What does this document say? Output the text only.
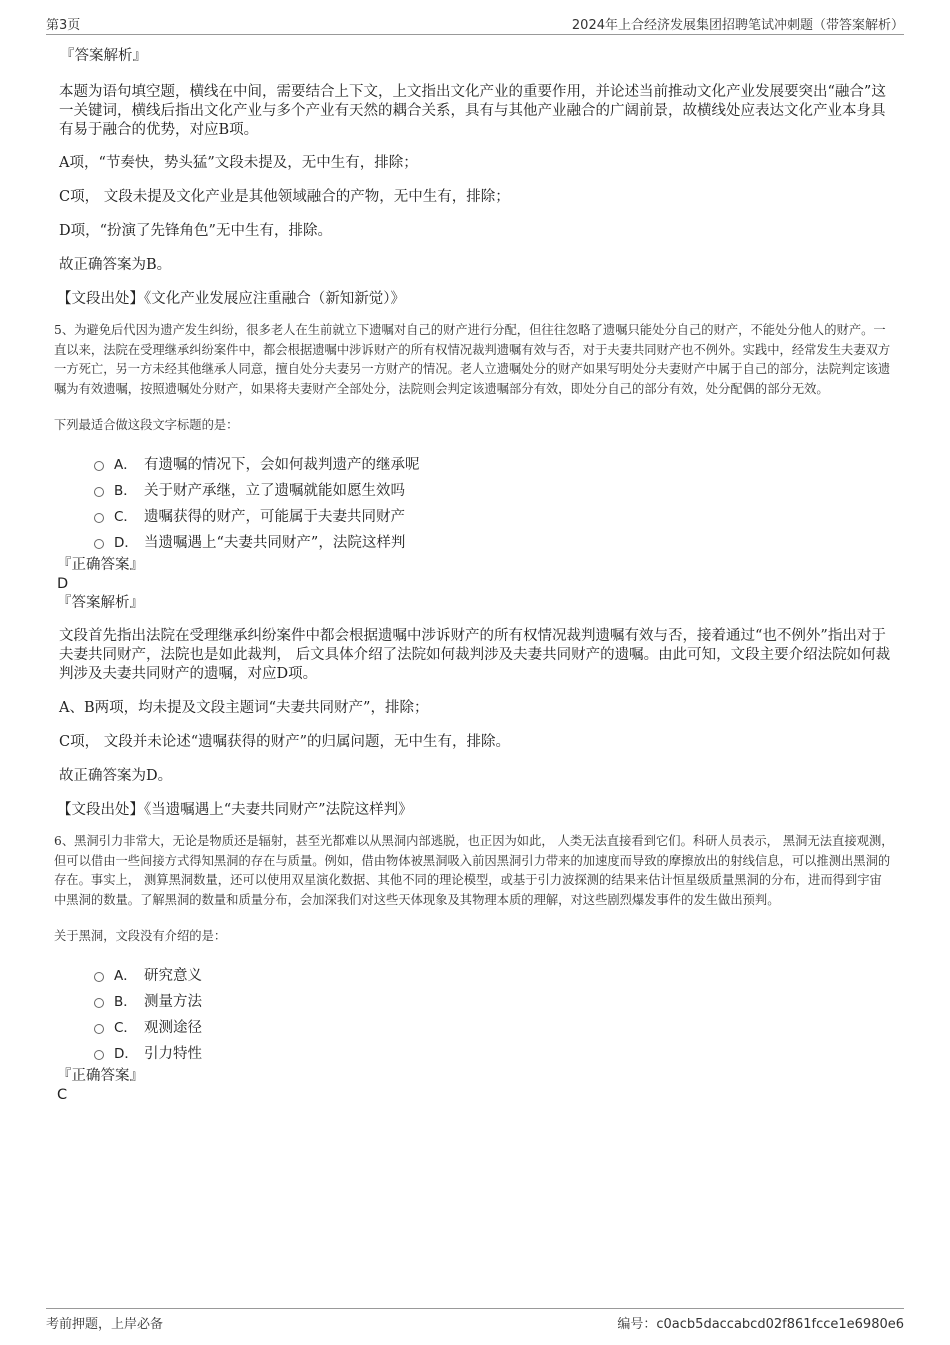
第3页	2024年上合经济发展集团招聘笔试冲刺题（带答案解析）
『答案解析』

本题为语句填空题，横线在中间，需要结合上下文，上文指出文化产业的重要作用，并论述当前推动文化产业发展要突出“融合”这一关键词，横线后指出文化产业与多个产业有天然的耦合关系，具有与其他产业融合的广阔前景，故横线处应表达文化产业本身具有易于融合的优势，对应B项。

A项，“节奏快，势头猛”文段未提及，无中生有，排除；

C项， 文段未提及文化产业是其他领域融合的产物，无中生有，排除；

D项，“扮演了先锋角色”无中生有，排除。

故正确答案为B。

【文段出处】《文化产业发展应注重融合（新知新觉）》
5、为避免后代因为遗产发生纠纷，很多老人在生前就立下遗嘱对自己的财产进行分配，但往往忽略了遗嘱只能处分自己的财产，不能处分他人的财产。一直以来，法院在受理继承纠纷案件中，都会根据遗嘱中涉诉财产的所有权情况裁判遗嘱有效与否，对于夫妻共同财产也不例外。实践中，经常发生夫妻双方一方死亡，另一方未经其他继承人同意，擅自处分夫妻另一方财产的情况。老人立遗嘱处分的财产如果写明处分夫妻财产中属于自己的部分，法院判定该遗嘱为有效遗嘱，按照遗嘱处分财产，如果将夫妻财产全部处分，法院则会判定该遗嘱部分有效，即处分自己的部分有效，处分配偶的部分无效。
下列最适合做这段文字标题的是：
A． 有遗嘱的情况下，会如何裁判遗产的继承呢
B． 关于财产承继，立了遗嘱就能如愿生效吗
C． 遗嘱获得的财产，可能属于夫妻共同财产
D． 当遗嘱遇上“夫妻共同财产”，法院这样判
『正确答案』
D
『答案解析』

文段首先指出法院在受理继承纠纷案件中都会根据遗嘱中涉诉财产的所有权情况裁判遗嘱有效与否，接着通过“也不例外”指出对于夫妻共同财产，法院也是如此裁判， 后文具体介绍了法院如何裁判涉及夫妻共同财产的遗嘱。由此可知，文段主要介绍法院如何裁判涉及夫妻共同财产的遗嘱，对应D项。

A、B两项，均未提及文段主题词“夫妻共同财产”，排除；

C项， 文段并未论述“遗嘱获得的财产”的归属问题，无中生有，排除。

故正确答案为D。

【文段出处】《当遗嘱遇上“夫妻共同财产”法院这样判》
6、黑洞引力非常大，无论是物质还是辐射，甚至光都难以从黑洞内部逃脱，也正因为如此， 人类无法直接看到它们。科研人员表示， 黑洞无法直接观测，但可以借由一些间接方式得知黑洞的存在与质量。例如，借由物体被黑洞吸入前因黑洞引力带来的加速度而导致的摩擦放出的射线信息，可以推测出黑洞的存在。事实上， 测算黑洞数量，还可以使用双星演化数据、其他不同的理论模型，或基于引力波探测的结果来估计恒星级质量黑洞的分布，进而得到宇宙中黑洞的数量。了解黑洞的数量和质量分布，会加深我们对这些天体现象及其物理本质的理解，对这些剧烈爆发事件的发生做出预判。
关于黑洞，文段没有介绍的是：
A． 研究意义
B． 测量方法
C． 观测途径
D． 引力特性
『正确答案』
C
考前押题，上岸必备	编号：c0acb5daccabcd02f861fcce1e6980e6
